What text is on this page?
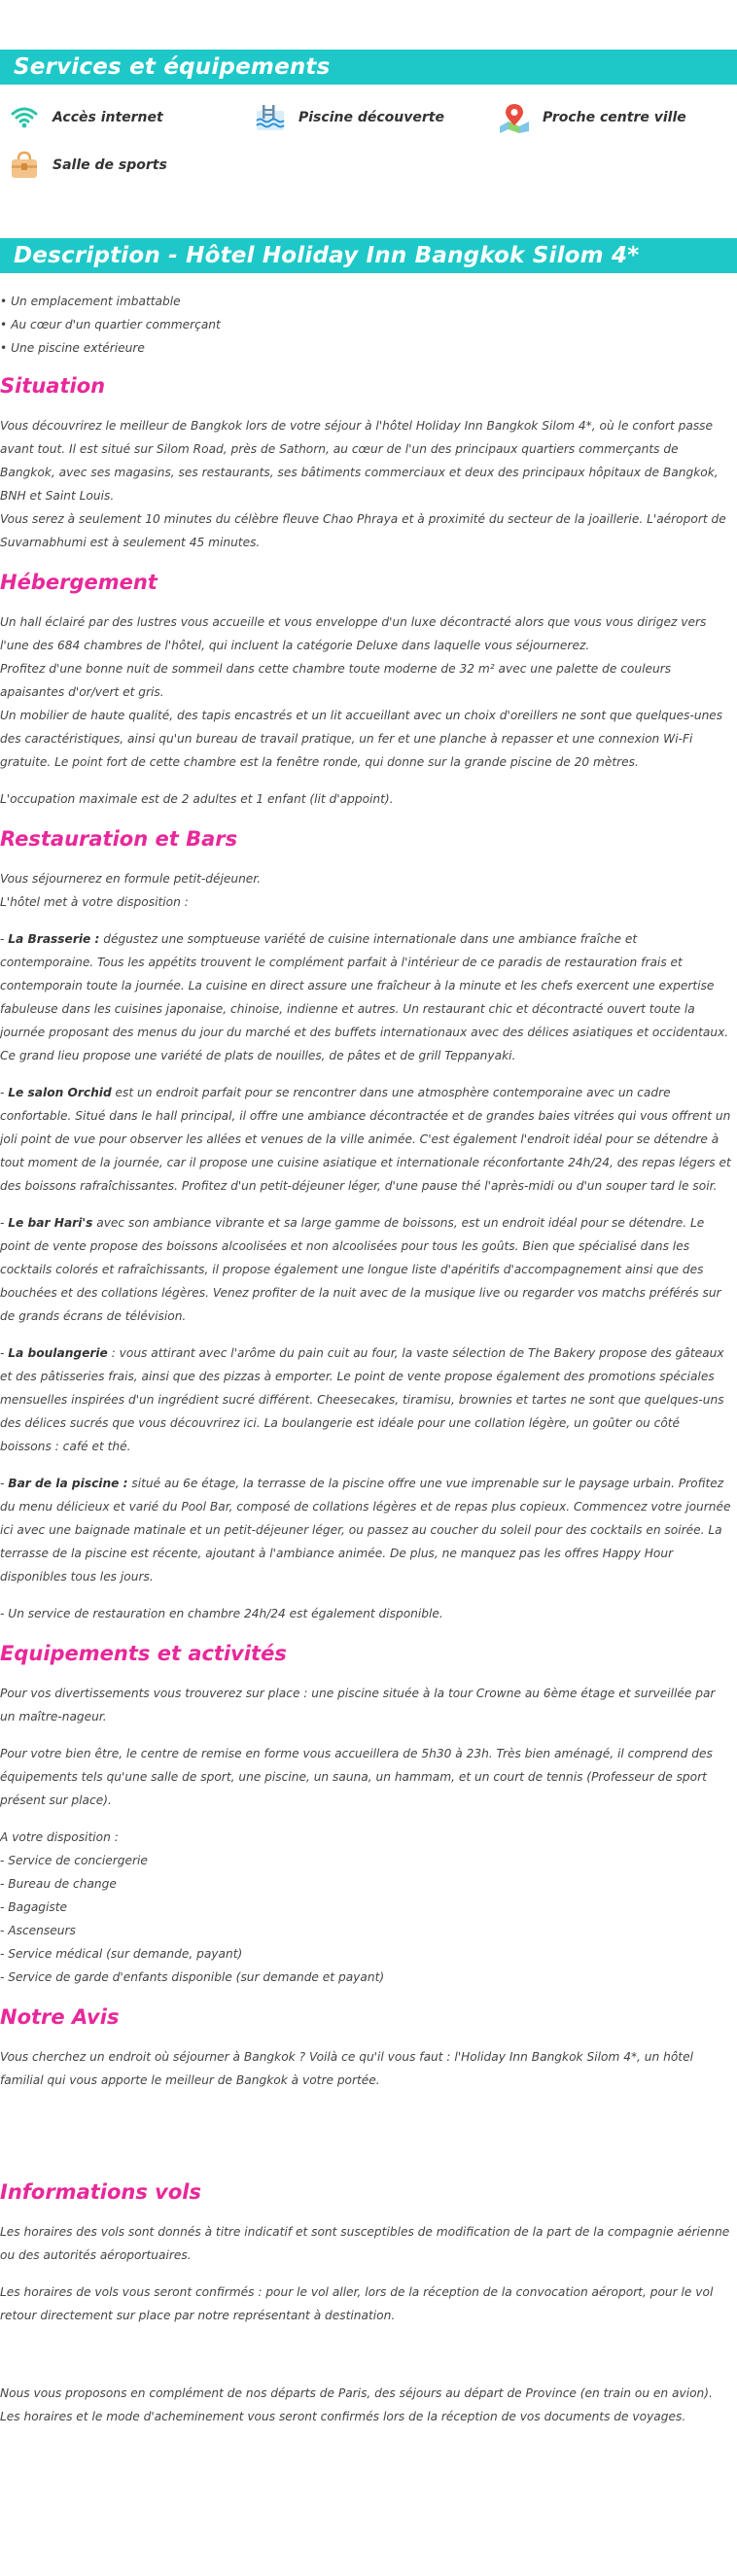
Services et équipements
Accès internet	Piscine découverte	Proche centre ville
Salle de sports
Description - Hôtel Holiday Inn Bangkok Silom 4*

• Un emplacement imbattable

• Au cœur d'un quartier commerçant

• Une piscine extérieure

Situation

Vous découvrirez le meilleur de Bangkok lors de votre séjour à l'hôtel Holiday Inn Bangkok Silom 4*, où le confort passe avant tout. Il est situé sur Silom Road, près de Sathorn, au cœur de l'un des principaux quartiers commerçants de Bangkok, avec ses magasins, ses restaurants, ses bâtiments commerciaux et deux des principaux hôpitaux de Bangkok, BNH et Saint Louis.

Vous serez à seulement 10 minutes du célèbre fleuve Chao Phraya et à proximité du secteur de la joaillerie. L'aéroport de Suvarnabhumi est à seulement 45 minutes.

Hébergement

Un hall éclairé par des lustres vous accueille et vous enveloppe d'un luxe décontracté alors que vous vous dirigez vers l'une des 684 chambres de l'hôtel, qui incluent la catégorie Deluxe dans laquelle vous séjournerez.

Profitez d'une bonne nuit de sommeil dans cette chambre toute moderne de 32 m² avec une palette de couleurs apaisantes d'or/vert et gris.

Un mobilier de haute qualité, des tapis encastrés et un lit accueillant avec un choix d'oreillers ne sont que quelques-unes des caractéristiques, ainsi qu'un bureau de travail pratique, un fer et une planche à repasser et une connexion Wi-Fi gratuite. Le point fort de cette chambre est la fenêtre ronde, qui donne sur la grande piscine de 20 mètres.

L'occupation maximale est de 2 adultes et 1 enfant (lit d'appoint).

Restauration et Bars

Vous séjournerez en formule petit-déjeuner.

L'hôtel met à votre disposition :

- La Brasserie : dégustez une somptueuse variété de cuisine internationale dans une ambiance fraîche et contemporaine. Tous les appétits trouvent le complément parfait à l'intérieur de ce paradis de restauration frais et contemporain toute la journée. La cuisine en direct assure une fraîcheur à la minute et les chefs exercent une expertise fabuleuse dans les cuisines japonaise, chinoise, indienne et autres. Un restaurant chic et décontracté ouvert toute la journée proposant des menus du jour du marché et des buffets internationaux avec des délices asiatiques et occidentaux. Ce grand lieu propose une variété de plats de nouilles, de pâtes et de grill Teppanyaki.

- Le salon Orchid est un endroit parfait pour se rencontrer dans une atmosphère contemporaine avec un cadre confortable. Situé dans le hall principal, il offre une ambiance décontractée et de grandes baies vitrées qui vous offrent un joli point de vue pour observer les allées et venues de la ville animée. C'est également l'endroit idéal pour se détendre à tout moment de la journée, car il propose une cuisine asiatique et internationale réconfortante 24h/24, des repas légers et des boissons rafraîchissantes. Profitez d'un petit-déjeuner léger, d'une pause thé l'après-midi ou d'un souper tard le soir.

- Le bar Hari's avec son ambiance vibrante et sa large gamme de boissons, est un endroit idéal pour se détendre. Le point de vente propose des boissons alcoolisées et non alcoolisées pour tous les goûts. Bien que spécialisé dans les cocktails colorés et rafraîchissants, il propose également une longue liste d'apéritifs d'accompagnement ainsi que des bouchées et des collations légères. Venez profiter de la nuit avec de la musique live ou regarder vos matchs préférés sur de grands écrans de télévision.

- La boulangerie : vous attirant avec l'arôme du pain cuit au four, la vaste sélection de The Bakery propose des gâteaux et des pâtisseries frais, ainsi que des pizzas à emporter. Le point de vente propose également des promotions spéciales mensuelles inspirées d'un ingrédient sucré différent. Cheesecakes, tiramisu, brownies et tartes ne sont que quelques-uns des délices sucrés que vous découvrirez ici. La boulangerie est idéale pour une collation légère, un goûter ou côté boissons : café et thé.

- Bar de la piscine : situé au 6e étage, la terrasse de la piscine offre une vue imprenable sur le paysage urbain. Profitez du menu délicieux et varié du Pool Bar, composé de collations légères et de repas plus copieux. Commencez votre journée ici avec une baignade matinale et un petit-déjeuner léger, ou passez au coucher du soleil pour des cocktails en soirée. La terrasse de la piscine est récente, ajoutant à l'ambiance animée. De plus, ne manquez pas les offres Happy Hour disponibles tous les jours.

- Un service de restauration en chambre 24h/24 est également disponible.

Equipements et activités

Pour vos divertissements vous trouverez sur place : une piscine située à la tour Crowne au 6ème étage et surveillée par un maître-nageur.

Pour votre bien être, le centre de remise en forme vous accueillera de 5h30 à 23h. Très bien aménagé, il comprend des équipements tels qu'une salle de sport, une piscine, un sauna, un hammam, et un court de tennis (Professeur de sport présent sur place).

A votre disposition :

- Service de conciergerie

- Bureau de change

- Bagagiste

- Ascenseurs

- Service médical (sur demande, payant)

- Service de garde d'enfants disponible (sur demande et payant)

Notre Avis

Vous cherchez un endroit où séjourner à Bangkok ? Voilà ce qu'il vous faut : l'Holiday Inn Bangkok Silom 4*, un hôtel familial qui vous apporte le meilleur de Bangkok à votre portée.

Informations vols

Les horaires des vols sont donnés à titre indicatif et sont susceptibles de modification de la part de la compagnie aérienne ou des autorités aéroportuaires.

Les horaires de vols vous seront confirmés : pour le vol aller, lors de la réception de la convocation aéroport, pour le vol retour directement sur place par notre représentant à destination.

Nous vous proposons en complément de nos départs de Paris, des séjours au départ de Province (en train ou en avion).

Les horaires et le mode d'acheminement vous seront confirmés lors de la réception de vos documents de voyages.
